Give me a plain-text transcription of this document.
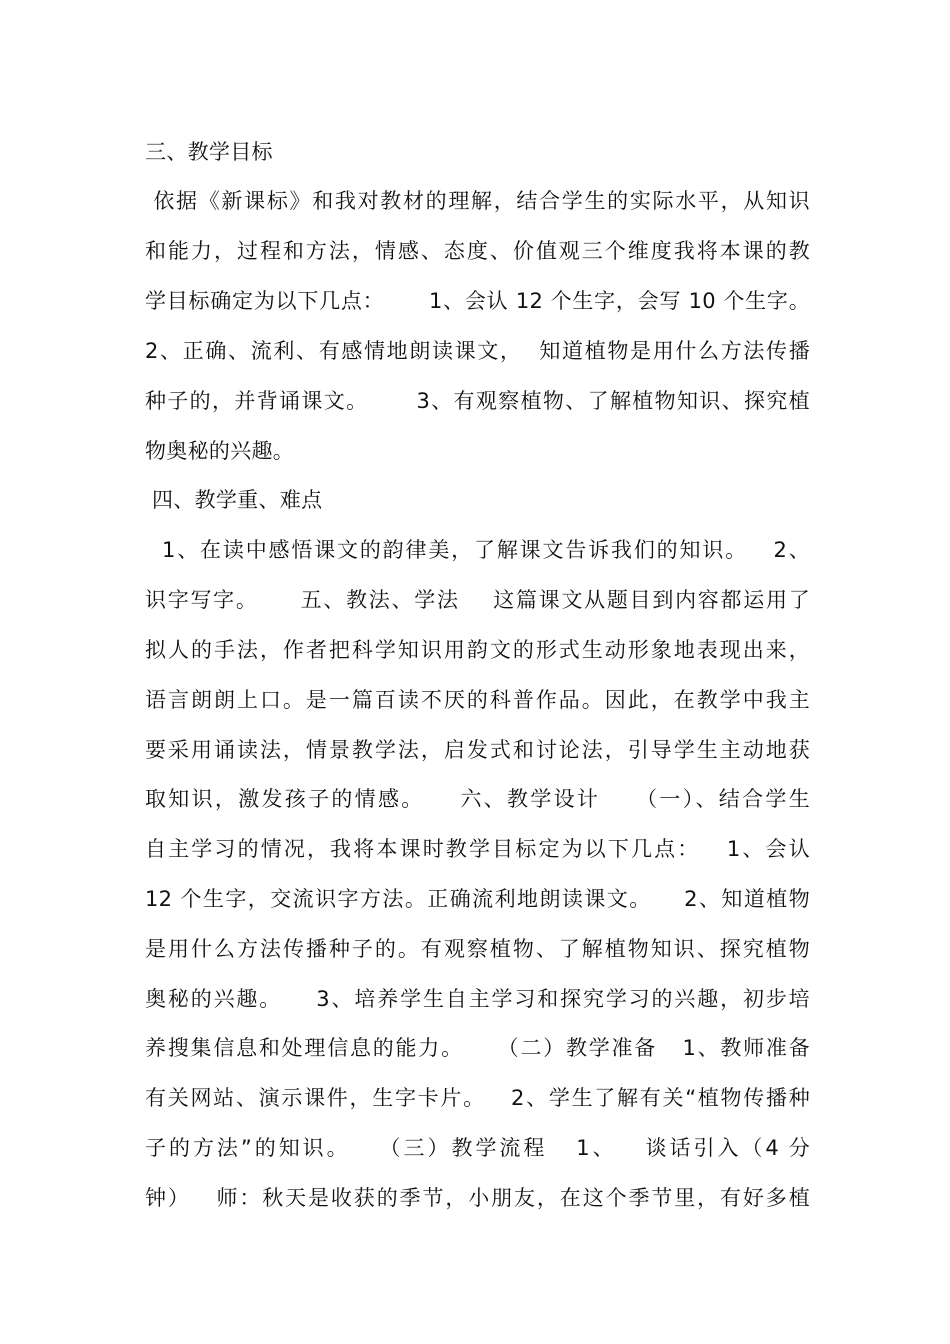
三、教学目标
依据《新课标》和我对教材的理解，结合学生的实际水平，从知识
和能力，过程和方法，情感、态度、价值观三个维度我将本课的教
学目标确定为以下几点：      1、会认 12 个生字，会写 10 个生字。
2、正确、流利、有感情地朗读课文，  知道植物是用什么方法传播
种子的，并背诵课文。      3、有观察植物、了解植物知识、探究植
物奥秘的兴趣。
四、教学重、难点
1、在读中感悟课文的韵律美，了解课文告诉我们的知识。   2、
识字写字。     五、教法、学法    这篇课文从题目到内容都运用了
拟人的手法，作者把科学知识用韵文的形式生动形象地表现出来，
语言朗朗上口。是一篇百读不厌的科普作品。因此，在教学中我主
要采用诵读法，情景教学法，启发式和讨论法，引导学生主动地获
取知识，激发孩子的情感。    六、教学设计    （一）、结合学生
自主学习的情况，我将本课时教学目标定为以下几点：   1、会认
12 个生字，交流识字方法。正确流利地朗读课文。    2、知道植物
是用什么方法传播种子的。有观察植物、了解植物知识、探究植物
奥秘的兴趣。    3、培养学生自主学习和探究学习的兴趣，初步培
养搜集信息和处理信息的能力。    （二）教学准备   1、教师准备
有关网站、演示课件，生字卡片。   2、学生了解有关“植物传播种
子的方法”的知识。   （三）教学流程   1、   谈话引入（4 分
钟）   师：秋天是收获的季节，小朋友，在这个季节里，有好多植
